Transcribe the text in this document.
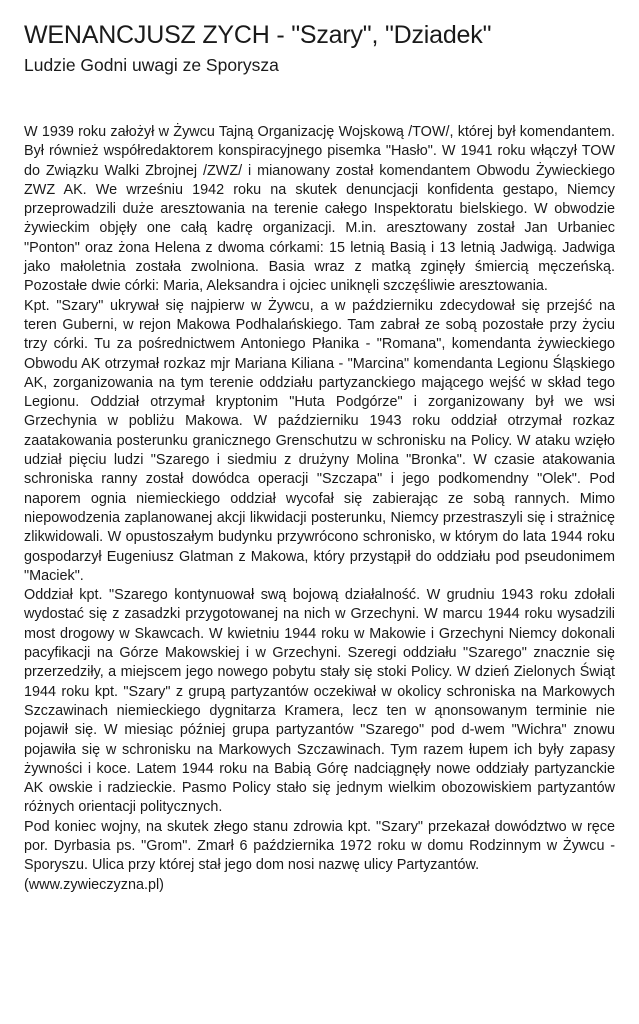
WENANCJUSZ ZYCH - "Szary", "Dziadek"
Ludzie Godni uwagi ze Sporysza

W 1939 roku założył w Żywcu Tajną Organizację Wojskową /TOW/, której był komendantem. Był również współredaktorem konspiracyjnego pisemka "Hasło". W 1941 roku włączył TOW do Związku Walki Zbrojnej /ZWZ/ i mianowany został komendantem Obwodu Żywieckiego ZWZ AK. We wrześniu 1942 roku na skutek denuncjacji konfidenta gestapo, Niemcy przeprowadzili duże aresztowania na terenie całego Inspektoratu bielskiego. W obwodzie żywieckim objęły one całą kadrę organizacji. M.in. aresztowany został Jan Urbaniec "Ponton" oraz żona Helena z dwoma córkami: 15 letnią Basią i 13 letnią Jadwigą. Jadwiga jako małoletnia została zwolniona. Basia wraz z matką zginęły śmiercią męczeńską. Pozostałe dwie córki: Maria, Aleksandra i ojciec uniknęli szczęśliwie aresztowania.

Kpt. "Szary" ukrywał się najpierw w Żywcu, a w październiku zdecydował się przejść na teren Guberni, w rejon Makowa Podhalańskiego. Tam zabrał ze sobą pozostałe przy życiu trzy córki. Tu za pośrednictwem Antoniego Płanika - "Romana", komendanta żywieckiego Obwodu AK otrzymał rozkaz mjr Mariana Kiliana - "Marcina" komendanta Legionu Śląskiego AK, zorganizowania na tym terenie oddziału partyzanckiego mającego wejść w skład tego Legionu. Oddział otrzymał kryptonim "Huta Podgórze" i zorganizowany był we wsi Grzechynia w pobliżu Makowa. W październiku 1943 roku oddział otrzymał rozkaz zaatakowania posterunku granicznego Grenschutzu w schronisku na Policy. W ataku wzięło udział pięciu ludzi "Szarego i siedmiu z drużyny Molina "Bronka". W czasie atakowania schroniska ranny został dowódca operacji "Szczapa" i jego podkomendny "Olek". Pod naporem ognia niemieckiego oddział wycofał się zabierając ze sobą rannych. Mimo niepowodzenia zaplanowanej akcji likwidacji posterunku, Niemcy przestraszyli się i strażnicę zlikwidowali. W opustoszałym budynku przywrócono schronisko, w którym do lata 1944 roku gospodarzył Eugeniusz Glatman z Makowa, który przystąpił do oddziału pod pseudonimem "Maciek".

Oddział kpt. "Szarego kontynuował swą bojową działalność. W grudniu 1943 roku zdołali wydostać się z zasadzki przygotowanej na nich w Grzechyni. W marcu 1944 roku wysadzili most drogowy w Skawcach. W kwietniu 1944 roku w Makowie i Grzechyni Niemcy dokonali pacyfikacji na Górze Makowskiej i w Grzechyni. Szeregi oddziału "Szarego" znacznie się przerzedziły, a miejscem jego nowego pobytu stały się stoki Policy. W dzień Zielonych Świąt 1944 roku kpt. "Szary" z grupą partyzantów oczekiwał w okolicy schroniska na Markowych Szczawinach niemieckiego dygnitarza Kramera, lecz ten w ąnonsowanym terminie nie pojawił się. W miesiąc później grupa partyzantów "Szarego" pod d-wem "Wichra" znowu pojawiła się w schronisku na Markowych Szczawinach. Tym razem łupem ich były zapasy żywności i koce. Latem 1944 roku na Babią Górę nadciągnęły nowe oddziały partyzanckie AK owskie i radzieckie. Pasmo Policy stało się jednym wielkim obozowiskiem partyzantów różnych orientacji politycznych.

Pod koniec wojny, na skutek złego stanu zdrowia kpt. "Szary" przekazał dowództwo w ręce por. Dyrbasia ps. "Grom". Zmarł 6 października 1972 roku w domu Rodzinnym w Żywcu - Sporyszu. Ulica przy której stał jego dom nosi nazwę ulicy Partyzantów.

(www.zywieczyzna.pl)
